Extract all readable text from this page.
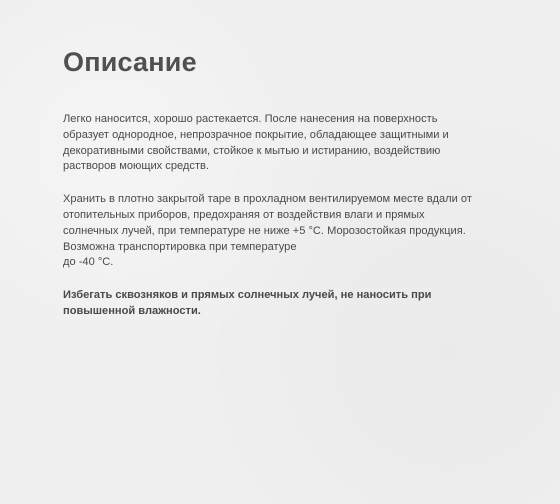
Описание

Легко наносится, хорошо растекается. После нанесения на поверхность
образует однородное, непрозрачное покрытие, обладающее защитными и
декоративными свойствами, стойкое к мытью и истиранию, воздействию
растворов моющих средств.

Хранить в плотно закрытой таре в прохладном вентилируемом месте вдали от
отопительных приборов, предохраняя от воздействия влаги и прямых
солнечных лучей, при температуре не ниже +5 °С. Морозостойкая продукция.
Возможна транспортировка при температуре
до -40 °С.

Избегать сквозняков и прямых солнечных лучей, не наносить при
повышенной влажности.
